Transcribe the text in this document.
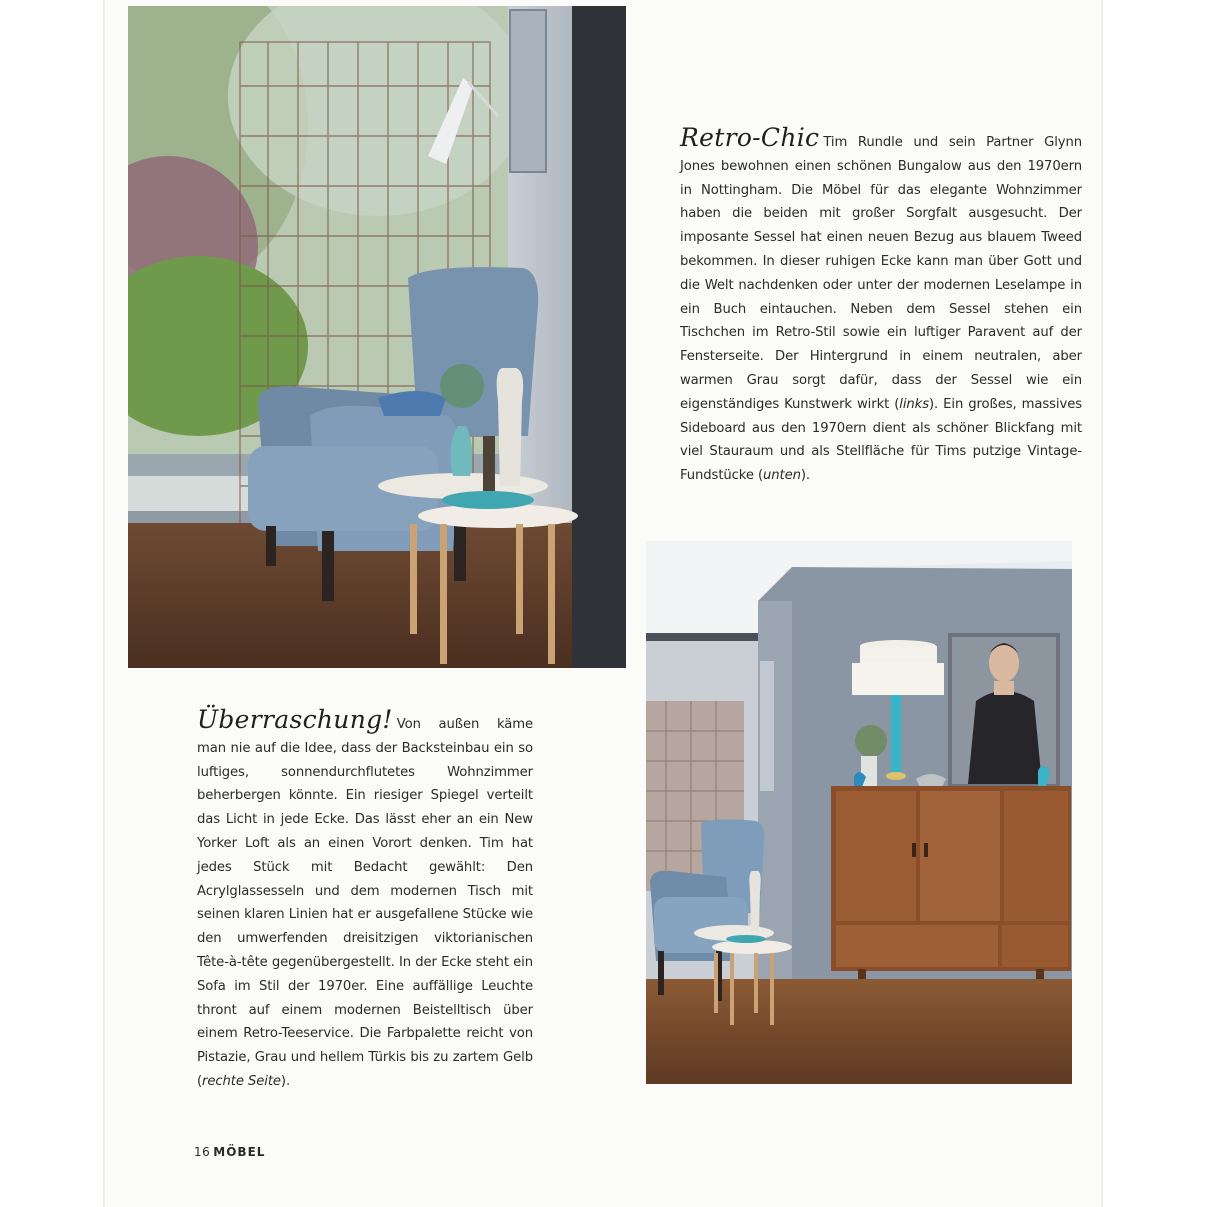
Retro-Chic Tim Rundle und sein Partner Glynn Jones bewohnen einen schönen Bungalow aus den 1970ern in Nottingham. Die Möbel für das elegante Wohnzimmer haben die beiden mit großer Sorgfalt ausgesucht. Der imposante Sessel hat einen neuen Bezug aus blauem Tweed bekommen. In dieser ruhigen Ecke kann man über Gott und die Welt nachdenken oder unter der modernen Leselampe in ein Buch eintauchen. Neben dem Sessel stehen ein Tischchen im Retro-Stil sowie ein luftiger Paravent auf der Fensterseite. Der Hintergrund in einem neutralen, aber warmen Grau sorgt dafür, dass der Sessel wie ein eigenständiges Kunstwerk wirkt (links). Ein großes, massives Sideboard aus den 1970ern dient als schöner Blickfang mit viel Stauraum und als Stellfläche für Tims putzige Vintage-Fundstücke (unten).
Überraschung! Von außen käme man nie auf die Idee, dass der Backsteinbau ein so luftiges, sonnendurchflutetes Wohnzimmer beherbergen könnte. Ein riesiger Spiegel verteilt das Licht in jede Ecke. Das lässt eher an ein New Yorker Loft als an einen Vorort denken. Tim hat jedes Stück mit Bedacht gewählt: Den Acrylglassesseln und dem modernen Tisch mit seinen klaren Linien hat er ausgefallene Stücke wie den umwerfenden dreisitzigen viktorianischen Tête-à-tête gegenübergestellt. In der Ecke steht ein Sofa im Stil der 1970er. Eine auffällige Leuchte thront auf einem modernen Beistelltisch über einem Retro-Teeservice. Die Farbpalette reicht von Pistazie, Grau und hellem Türkis bis zu zartem Gelb (rechte Seite).
16 MÖBEL
